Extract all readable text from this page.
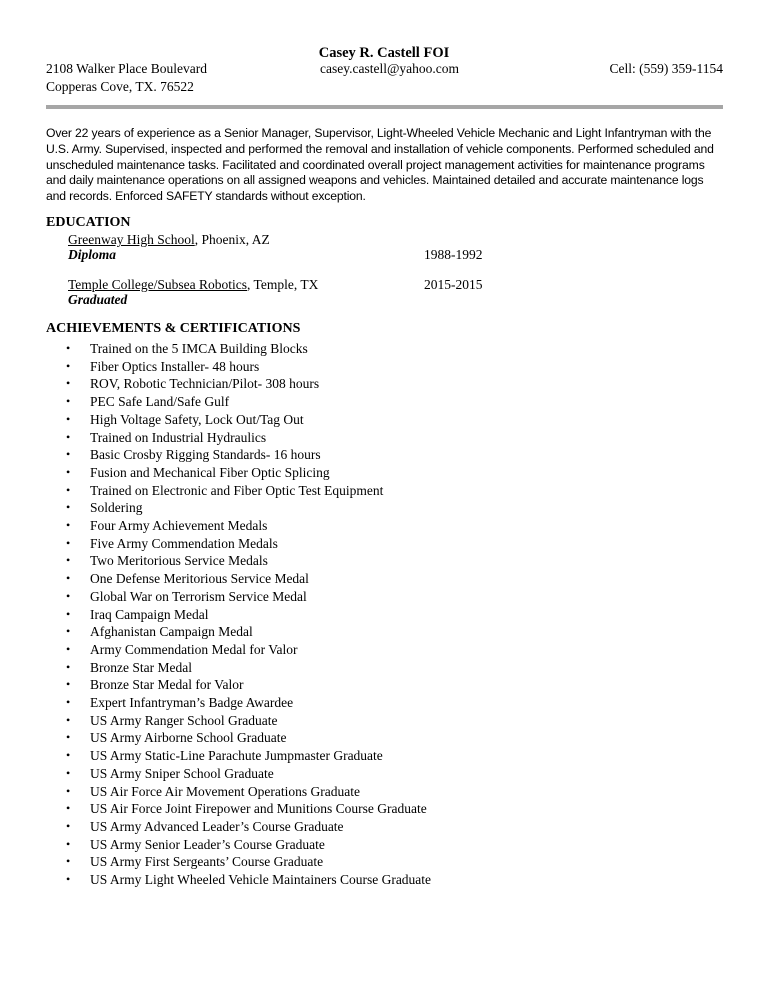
Casey R. Castell FOI
2108 Walker Place Boulevard
Copperas Cove, TX. 76522
casey.castell@yahoo.com	Cell: (559) 359-1154
Over 22 years of experience as a Senior Manager, Supervisor, Light-Wheeled Vehicle Mechanic and Light Infantryman with the U.S. Army. Supervised, inspected and performed the removal and installation of vehicle components. Performed scheduled and unscheduled maintenance tasks. Facilitated and coordinated overall project management activities for maintenance programs and daily maintenance operations on all assigned weapons and vehicles. Maintained detailed and accurate maintenance logs and records. Enforced SAFETY standards without exception.
EDUCATION
Greenway High School, Phoenix, AZ
Diploma	1988-1992
Temple College/Subsea Robotics, Temple, TX	2015-2015
Graduated
ACHIEVEMENTS & CERTIFICATIONS
• Trained on the 5 IMCA Building Blocks
• Fiber Optics Installer- 48 hours
• ROV, Robotic Technician/Pilot- 308 hours
• PEC Safe Land/Safe Gulf
• High Voltage Safety, Lock Out/Tag Out
• Trained on Industrial Hydraulics
• Basic Crosby Rigging Standards- 16 hours
• Fusion and Mechanical Fiber Optic Splicing
• Trained on Electronic and Fiber Optic Test Equipment
• Soldering
• Four Army Achievement Medals
• Five Army Commendation Medals
• Two Meritorious Service Medals
• One Defense Meritorious Service Medal
• Global War on Terrorism Service Medal
• Iraq Campaign Medal
• Afghanistan Campaign Medal
• Army Commendation Medal for Valor
• Bronze Star Medal
• Bronze Star Medal for Valor
• Expert Infantryman’s Badge Awardee
• US Army Ranger School Graduate
• US Army Airborne School Graduate
• US Army Static-Line Parachute Jumpmaster Graduate
• US Army Sniper School Graduate
• US Air Force Air Movement Operations Graduate
• US Air Force Joint Firepower and Munitions Course Graduate
• US Army Advanced Leader’s Course Graduate
• US Army Senior Leader’s Course Graduate
• US Army First Sergeants’ Course Graduate
• US Army Light Wheeled Vehicle Maintainers Course Graduate
